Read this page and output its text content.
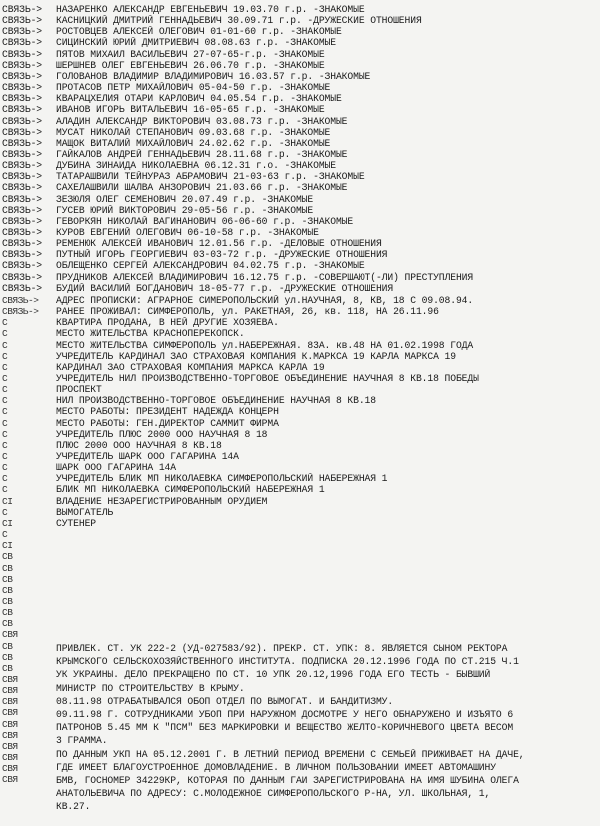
СВЯЗЬ-> НАЗАРЕНКО АЛЕКСАНДР ЕВГЕНЬЕВИЧ 19.03.70 г.р. -ЗНАКОМЫЕ
СВЯЗЬ-> КАСНИЦКИЙ ДМИТРИЙ ГЕННАДЬЕВИЧ 30.09.71 г.р. -ДРУЖЕСКИЕ ОТНОШЕНИЯ
СВЯЗЬ-> РОСТОВЦЕВ АЛЕКСЕЙ ОЛЕГОВИЧ 01-01-60 г.р. -ЗНАКОМЫЕ
СВЯЗЬ-> СИЦИНСКИЙ ЮРИЙ ДМИТРИЕВИЧ 08.08.63 г.р. -ЗНАКОМЫЕ
СВЯЗЬ-> ПЯТОВ МИХАИЛ ВАСИЛЬЕВИЧ 27-07-65-г.р. -ЗНАКОМЫЕ
СВЯЗЬ-> ШЕРШНЕВ ОЛЕГ ЕВГЕНЬЕВИЧ 26.06.70 г.р. -ЗНАКОМЫЕ
СВЯЗЬ-> ГОЛОВАНОВ ВЛАДИМИР ВЛАДИМИРОВИЧ 16.03.57 г.р. -ЗНАКОМЫЕ
СВЯЗЬ-> ПРОТАСОВ ПЕТР МИХАЙЛОВИЧ 05-04-50 г.р. -ЗНАКОМЫЕ
СВЯЗЬ-> КВАРАЦХЕЛИЯ ОТАРИ КАРЛОВИЧ 04.05.54 г.р. -ЗНАКОМЫЕ
СВЯЗЬ-> ИВАНОВ ИГОРЬ ВИТАЛЬЕВИЧ 16-05-65 г.р. -ЗНАКОМЫЕ
СВЯЗЬ-> АЛАДИН АЛЕКСАНДР ВИКТОРОВИЧ 03.08.73 г.р. -ЗНАКОМЫЕ
СВЯЗЬ-> МУСАТ НИКОЛАЙ СТЕПАНОВИЧ 09.03.68 г.р. -ЗНАКОМЫЕ
СВЯЗЬ-> МАЩОК ВИТАЛИЙ МИХАЙЛОВИЧ 24.02.62 г.р. -ЗНАКОМЫЕ
СВЯЗЬ-> ГАЙКАЛОВ АНДРЕЙ ГЕННАДЬЕВИЧ 28.11.68 г.р. -ЗНАКОМЫЕ
СВЯЗЬ-> ДУБИНА ЗИНАИДА НИКОЛАЕВНА 06.12.31 г.о. -ЗНАКОМЫЕ
СВЯЗЬ-> ТАТАРАШВИЛИ ТЕЙНУРАЗ АБРАМОВИЧ 21-03-63 г.р. -ЗНАКОМЫЕ
СВЯЗЬ-> САХЕЛАШВИЛИ ШАЛВА АНЗОРОВИЧ 21.03.66 г.р. -ЗНАКОМЫЕ
СВЯЗЬ-> ЗЕЗЮЛЯ ОЛЕГ СЕМЕНОВИЧ 20.07.49 г.р. -ЗНАКОМЫЕ
СВЯЗЬ-> ГУСЕВ ЮРИЙ ВИКТОРОВИЧ 29-05-56 г.р. -ЗНАКОМЫЕ
СВЯЗЬ-> ГЕВОРКЯН НИКОЛАЙ ВАГИНАНОВИЧ 06-06-60 г.р. -ЗНАКОМЫЕ
СВЯЗЬ-> КУРОВ ЕВГЕНИЙ ОЛЕГОВИЧ 06-10-58 г.р. -ЗНАКОМЫЕ
СВЯЗЬ-> РЕМЕНЮК АЛЕКСЕЙ ИВАНОВИЧ 12.01.56 г.р. -ДЕЛОВЫЕ ОТНОШЕНИЯ
СВЯЗЬ-> ПУТНЫЙ ИГОРЬ ГЕОРГИЕВИЧ 03-03-72 г.р. -ДРУЖЕСКИЕ ОТНОШЕНИЯ
СВЯЗЬ-> ОБЛЕЩЕНКО СЕРГЕЙ АЛЕКСАНДРОВИЧ 04.02.75 г.р. -ЗНАКОМЫЕ
СВЯЗЬ-> ПРУДНИКОВ АЛЕКСЕЙ ВЛАДИМИРОВИЧ 16.12.75 г.р. -СОВЕРШАЮТ(-ЛИ) ПРЕСТУПЛЕНИЯ
СВЯЗЬ-> БУДИЙ ВАСИЛИЙ БОГДАНОВИЧ 18-05-77 г.р. -ДРУЖЕСКИЕ ОТНОШЕНИЯ
АДРЕС ПРОПИСКИ: АГРАРНОЕ СИМЕРОПОЛЬСКИЙ ул.НАУЧНАЯ, 8, КВ, 18 С 09.08.94.
РАНЕЕ ПРОЖИВАЛ: СИМФЕРОПОЛЬ, ул. РАКЕТНАЯ, 26, кв. 118, НА 26.11.96
КВАРТИРА ПРОДАНА, В НЕЙ ДРУГИЕ ХОЗЯЕВА.
МЕСТО ЖИТЕЛЬСТВА КРАСНОПЕРЕКОПСК.
МЕСТО ЖИТЕЛЬСТВА СИМФЕРОПОЛЬ ул.НАБЕРЕЖНАЯ. 83А. кв.48 НА 01.02.1998 ГОДА
УЧРЕДИТЕЛЬ КАРДИНАЛ ЗАО СТРАХОВАЯ КОМПАНИЯ К.МАРКСА 19 КАРЛА МАРКСА 19
КАРДИНАЛ ЗАО СТРАХОВАЯ КОМПАНИЯ МАРКСА КАРЛА 19
УЧРЕДИТЕЛЬ НИЛ ПРОИЗВОДСТВЕННО-ТОРГОВОЕ ОБЪЕДИНЕНИЕ НАУЧНАЯ 8 КВ.18 ПОБЕДЫ
ПРОСПЕКТ
НИЛ ПРОИЗВОДСТВЕННО-ТОРГОВОЕ ОБЪЕДИНЕНИЕ НАУЧНАЯ 8 КВ.18
МЕСТО РАБОТЫ: ПРЕЗИДЕНТ НАДЕЖДА КОНЦЕРН
МЕСТО РАБОТЫ: ГЕН.ДИРЕКТОР САММИТ ФИРМА
УЧРЕДИТЕЛЬ ПЛЮС 2000 ООО НАУЧНАЯ 8 18
ПЛЮС 2000 ООО НАУЧНАЯ 8 КВ.18
УЧРЕДИТЕЛЬ ШАРК ООО ГАГАРИНА 14А
ШАРК ООО ГАГАРИНА 14А
УЧРЕДИТЕЛЬ БЛИК МП НИКОЛАЕВКА СИМФЕРОПОЛЬСКИЙ НАБЕРЕЖНАЯ 1
БЛИК МП НИКОЛАЕВКА СИМФЕРОПОЛЬСКИЙ НАБЕРЕЖНАЯ 1
ВЛАДЕНИЕ НЕЗАРЕГИСТРИРОВАННЫМ ОРУДИЕМ
ВЫМОГАТЕЛЬ
СУТЕНЕР
СВЯЗЬ->
СВЯЗЬ->
С
С
С
С
С
С
С
С
С
С
С
С
С
С
С
С
CI
С
СІ
С
СІ
СВ
СВ
СВ
СВ
СВ
СВ
СВ
СВЯ
СВ
СВ
СВ
СВЯ
СВЯ
СВЯ
СВЯ
СВЯ
СВЯ
СВЯ
СВЯ
СВЯ
СВЯ
ПРИВЛЕК. СТ. УК 222-2 (УД-027583/92). ПРЕКР. СТ. УПК: 8. ЯВЛЯЕТСЯ СЫНОМ РЕКТОРА
КРЫМСКОГО СЕЛЬСКОХОЗЯЙСТВЕННОГО ИНСТИТУТА. ПОДПИСКА 20.12.1996 ГОДА ПО СТ.215 Ч.1
УК УКРАИНЫ. ДЕЛО ПРЕКРАЩЕНО ПО СТ. 10 УПК 20.12,1996 ГОДА ЕГО ТЕСТЬ - БЫВШИЙ
МИНИСТР ПО СТРОИТЕЛЬСТВУ В КРЫМУ.
08.11.98 ОТРАБАТЫВАЛСЯ ОБОП ОТДЕЛ ПО ВЫМОГАТ. И БАНДИТИЗМУ.
09.11.98 Г. СОТРУДНИКАМИ УБОП ПРИ НАРУЖНОМ ДОСМОТРЕ У НЕГО ОБНАРУЖЕНО И ИЗЪЯТО 6
ПАТРОНОВ 5.45 ММ К "ПСМ" БЕЗ МАРКИРОВКИ И ВЕЩЕСТВО ЖЕЛТО-КОРИЧНЕВОГО ЦВЕТА ВЕСОМ
3 ГРАММА.
ПО ДАННЫМ УКП НА 05.12.2001 Г. В ЛЕТНИЙ ПЕРИОД ВРЕМЕНИ С СЕМЬЕЙ ПРИЖИВАЕТ НА ДАЧЕ,
ГДЕ ИМЕЕТ БЛАГОУСТРОЕННОЕ ДОМОВЛАДЕНИЕ. В ЛИЧНОМ ПОЛЬЗОВАНИИ ИМЕЕТ АВТОМАШИНУ
БМВ, ГОСНОМЕР 34229КР, КОТОРАЯ ПО ДАННЫМ ГАИ ЗАРЕГИСТРИРОВАНА НА ИМЯ ШУБИНА ОЛЕГА
АНАТОЛЬЕВИЧА ПО АДРЕСУ: С.МОЛОДЕЖНОЕ СИМФЕРОПОЛЬСКОГО Р-НА, УЛ. ШКОЛЬНАЯ, 1,
КВ.27.
